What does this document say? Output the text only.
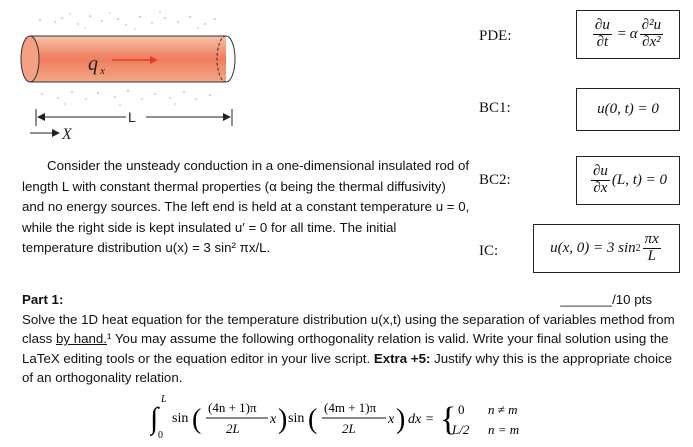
q x
L
X
PDE:	$\frac{\partial u}{\partial t} = \alpha \frac{\text{∂²u}}{\text{∂x²}}$
BC1:	u(0, t) = 0
BC2:	$\frac{\partial u}{\partial x} (L$, t) = 0
IC:	u(x, 0) = 3 $\sin 2 \frac{\pi x}{L}$
Consider the unsteady conduction in a one-dimensional insulated rod of length L with constant thermal properties (α being the thermal diffusivity) and no energy sources. The left end is held at a constant temperature u = 0, while the right side is kept insulated u′ = 0 for all time. The initial temperature distribution u(x) = 3 sin² πx/L.
Part 1:	_______/10 pts

Solve the 1D heat equation for the temperature distribution u(x,t) using the separation of variables method from class by hand.¹ You may assume the following orthogonality relation is valid. Write your final solution using the LaTeX editing tools or the equation editor in your live script. Extra +5: Justify why this is the appropriate choice of an orthogonality relation.

∫
L
0
sin ( (4n + 1)π
2L
x ) sin ( (4m + 1)π
2L
x ) dx = { 0 n ≠ m
L/2 n = m
